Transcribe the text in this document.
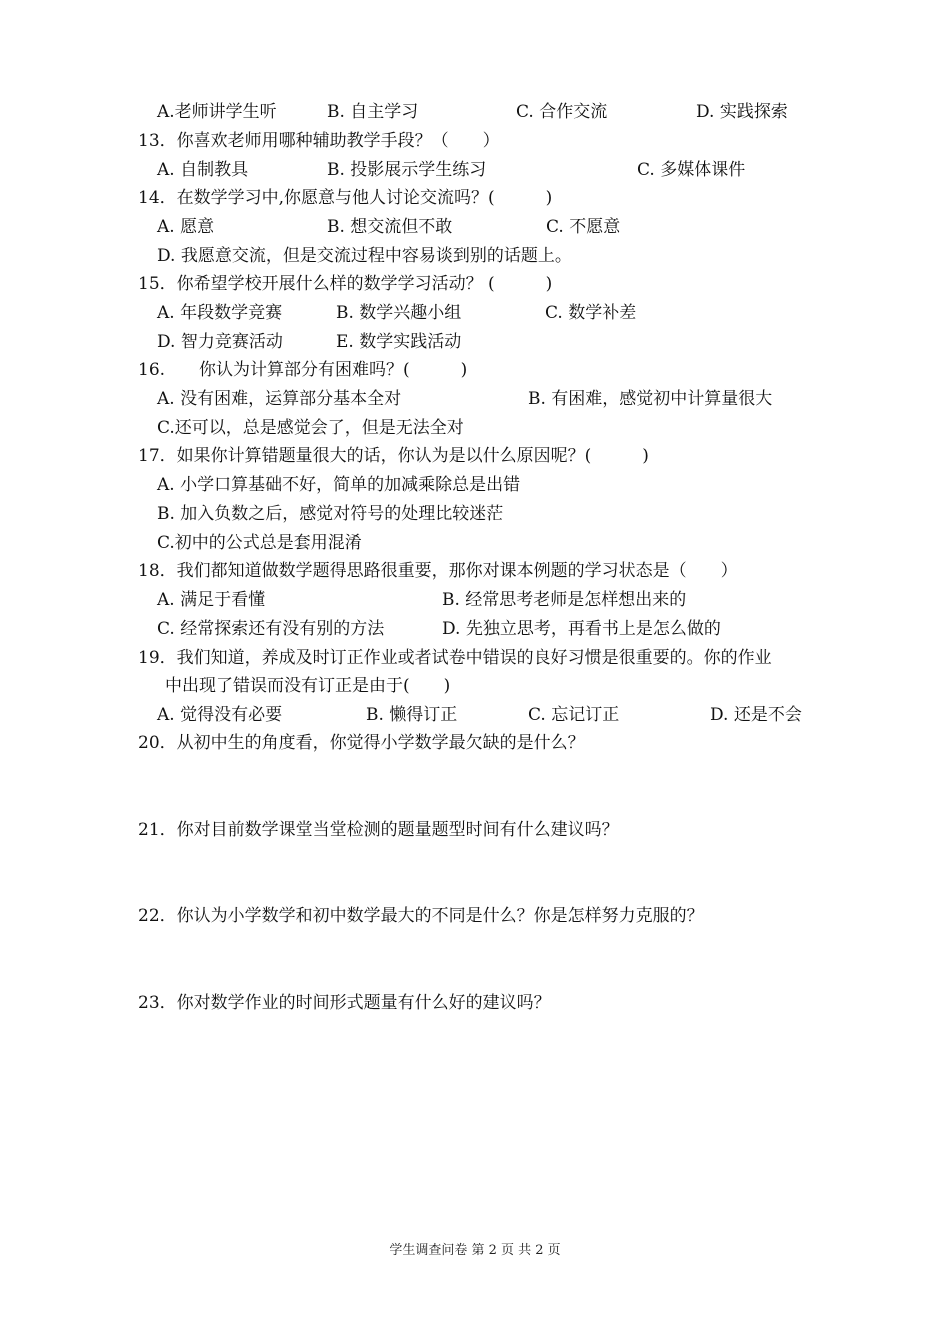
A.老师讲学生听	B. 自主学习	C. 合作交流	D. 实践探索
13．你喜欢老师用哪种辅助教学手段？（　　）
A. 自制教具	B. 投影展示学生练习	C. 多媒体课件
14．在数学学习中,你愿意与他人讨论交流吗？(　　　)
A. 愿意	B. 想交流但不敢	C. 不愿意
D. 我愿意交流，但是交流过程中容易谈到别的话题上。
15．你希望学校开展什么样的数学学习活动？ (　　　)
A. 年段数学竞赛	B. 数学兴趣小组	C. 数学补差
D. 智力竞赛活动	E. 数学实践活动
16.　　你认为计算部分有困难吗？(　　　)
A. 没有困难，运算部分基本全对	B. 有困难，感觉初中计算量很大
C.还可以，总是感觉会了，但是无法全对
17．如果你计算错题量很大的话，你认为是以什么原因呢？(　　　)
A. 小学口算基础不好，简单的加减乘除总是出错
B. 加入负数之后，感觉对符号的处理比较迷茫
C.初中的公式总是套用混淆
18．我们都知道做数学题得思路很重要，那你对课本例题的学习状态是（　　）
A. 满足于看懂	B. 经常思考老师是怎样想出来的
C. 经常探索还有没有别的方法	D. 先独立思考，再看书上是怎么做的
19．我们知道，养成及时订正作业或者试卷中错误的良好习惯是很重要的。你的作业
中出现了错误而没有订正是由于(　　)
A. 觉得没有必要	B. 懒得订正	C. 忘记订正	D. 还是不会
20．从初中生的角度看，你觉得小学数学最欠缺的是什么？
21．你对目前数学课堂当堂检测的题量题型时间有什么建议吗？
22．你认为小学数学和初中数学最大的不同是什么？你是怎样努力克服的？
23．你对数学作业的时间形式题量有什么好的建议吗？
学生调查问卷 第 2 页 共 2 页
